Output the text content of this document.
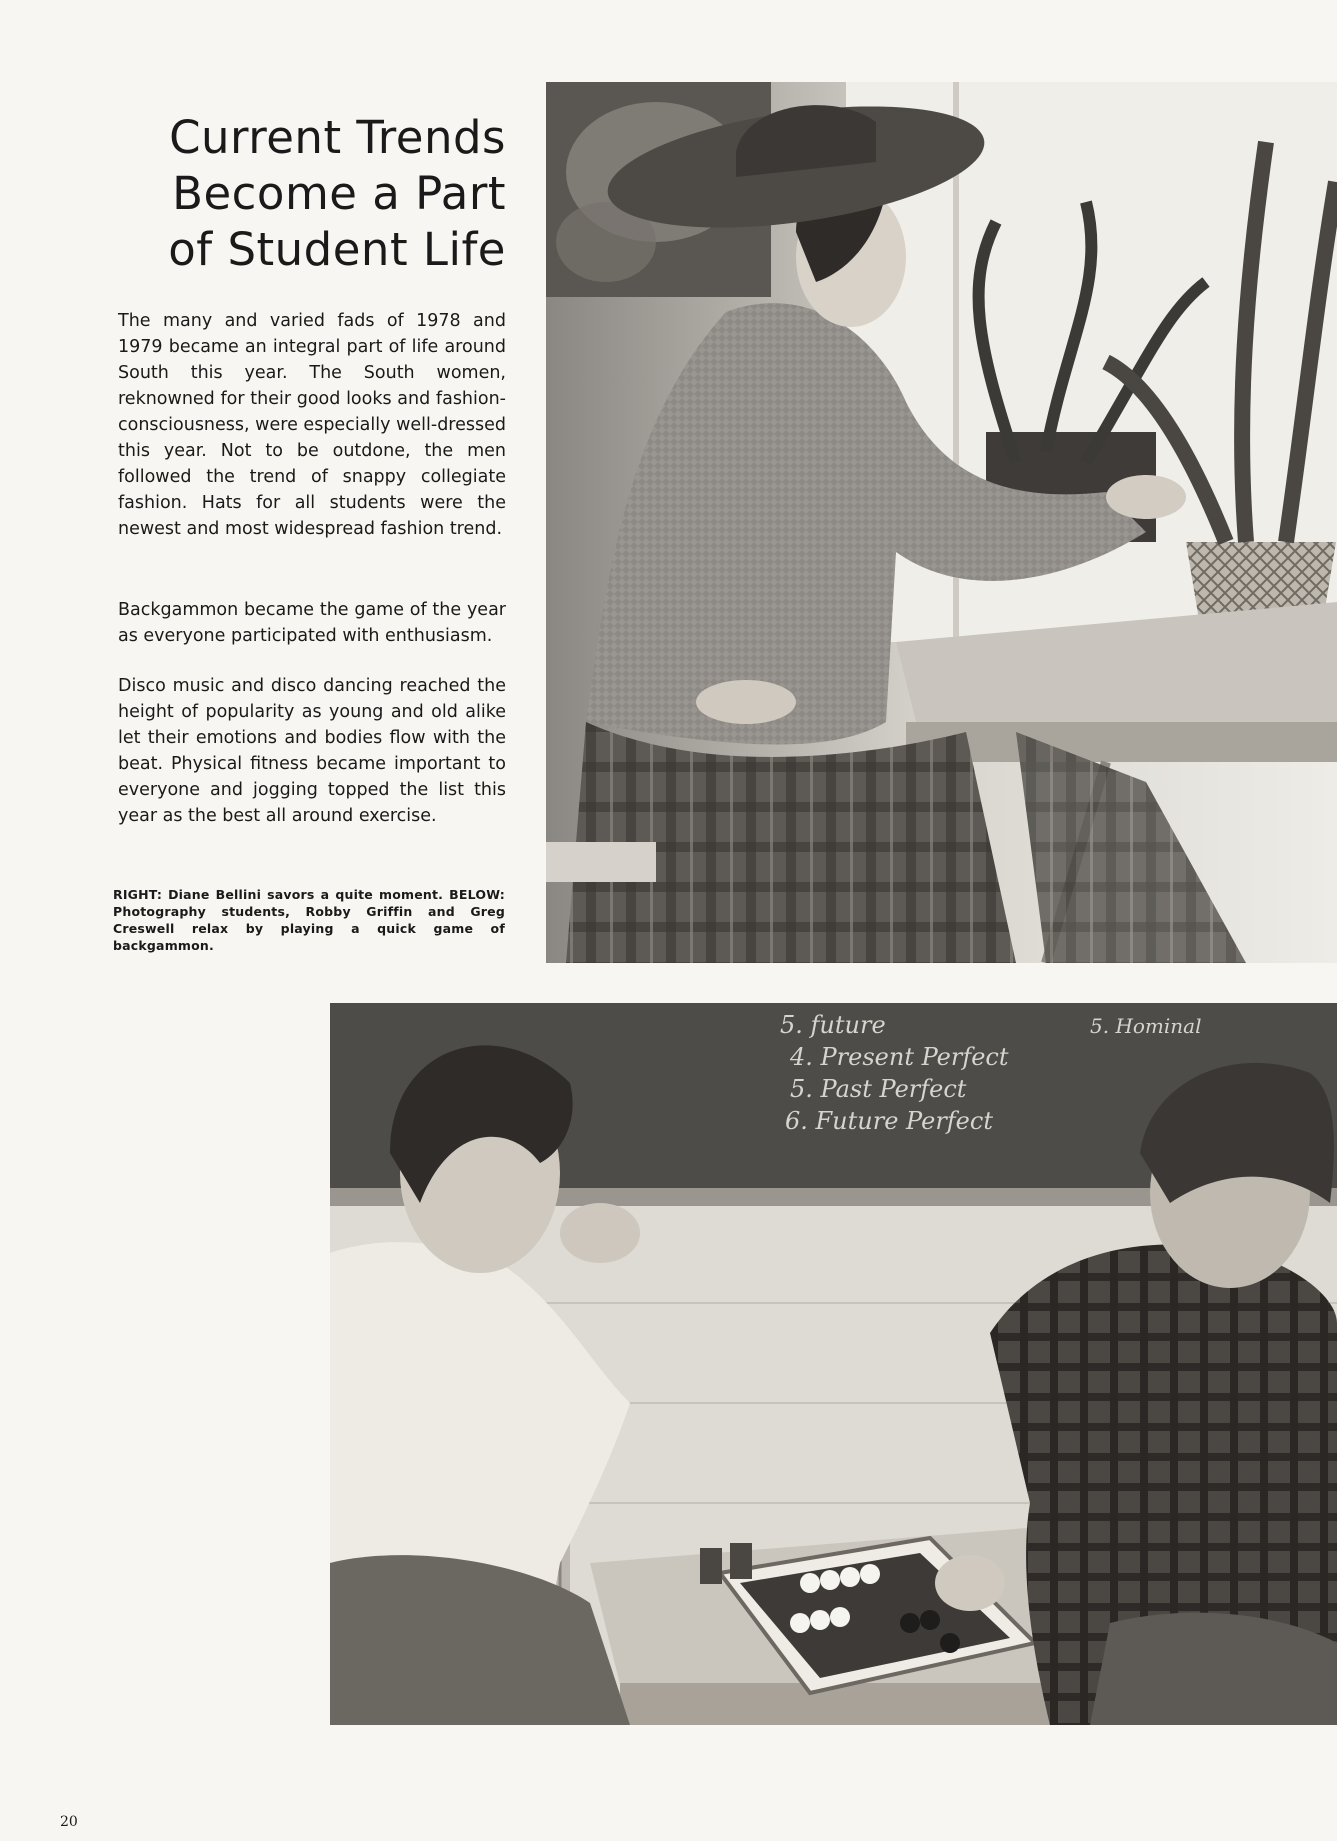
Current Trends
Become a Part
of Student Life

The many and varied fads of 1978 and 1979 became an integral part of life around South this year. The South women, reknowned for their good looks and fashion-consciousness, were especially well-dressed this year. Not to be outdone, the men followed the trend of snappy collegiate fashion. Hats for all students were the newest and most widespread fashion trend.

Backgammon became the game of the year as everyone participated with enthusiasm.

Disco music and disco dancing reached the height of popularity as young and old alike let their emotions and bodies flow with the beat. Physical fitness became important to everyone and jogging topped the list this year as the best all around exercise.

RIGHT: Diane Bellini savors a quite moment. BELOW: Photography students, Robby Griffin and Greg Creswell relax by playing a quick game of backgammon.

5. future
4. Present Perfect
5. Past Perfect
6. Future Perfect
5. Hominal
20
